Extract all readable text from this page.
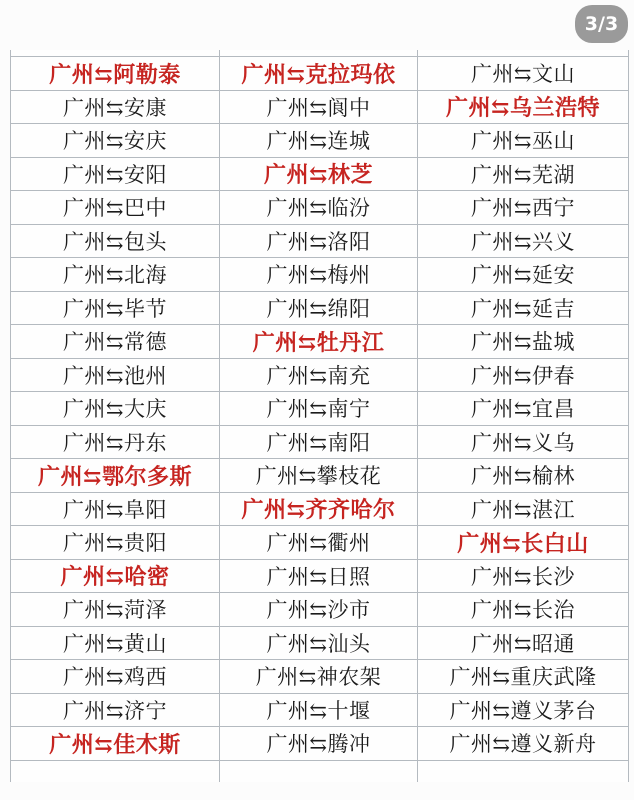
3/3
广州⇆阿勒泰	广州⇆克拉玛依	广州⇆文山
广州⇆安康	广州⇆阆中	广州⇆乌兰浩特
广州⇆安庆	广州⇆连城	广州⇆巫山
广州⇆安阳	广州⇆林芝	广州⇆芜湖
广州⇆巴中	广州⇆临汾	广州⇆西宁
广州⇆包头	广州⇆洛阳	广州⇆兴义
广州⇆北海	广州⇆梅州	广州⇆延安
广州⇆毕节	广州⇆绵阳	广州⇆延吉
广州⇆常德	广州⇆牡丹江	广州⇆盐城
广州⇆池州	广州⇆南充	广州⇆伊春
广州⇆大庆	广州⇆南宁	广州⇆宜昌
广州⇆丹东	广州⇆南阳	广州⇆义乌
广州⇆鄂尔多斯	广州⇆攀枝花	广州⇆榆林
广州⇆阜阳	广州⇆齐齐哈尔	广州⇆湛江
广州⇆贵阳	广州⇆衢州	广州⇆长白山
广州⇆哈密	广州⇆日照	广州⇆长沙
广州⇆菏泽	广州⇆沙市	广州⇆长治
广州⇆黄山	广州⇆汕头	广州⇆昭通
广州⇆鸡西	广州⇆神农架	广州⇆重庆武隆
广州⇆济宁	广州⇆十堰	广州⇆遵义茅台
广州⇆佳木斯	广州⇆腾冲	广州⇆遵义新舟
